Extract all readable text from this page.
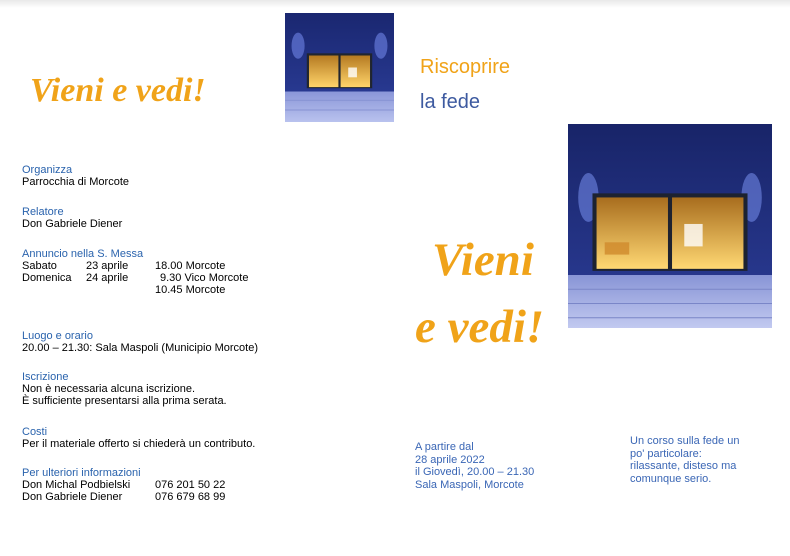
Vieni e vedi!
Organizza
Parrocchia di Morcote
Relatore
Don Gabriele Diener
Annuncio nella S. Messa
Sabato	23 aprile 18.00 Morcote
Domenica 24 aprile	9.30 Vico Morcote
10.45 Morcote
Luogo e orario
20.00 – 21.30: Sala Maspoli (Municipio Morcote)
Iscrizione
Non è necessaria alcuna iscrizione.
È sufficiente presentarsi alla prima serata.
Costi
Per il materiale offerto si chiederà un contributo.
Per ulteriori informazioni
Don Michal Podbielski 076 201 50 22
Don Gabriele Diener	076 679 68 99
Riscoprire
la fede
Vieni
e vedi!
A partire dal
28 aprile 2022
il Giovedì, 20.00 – 21.30
Sala Maspoli, Morcote
Un corso sulla fede un
po' particolare:
rilassante, disteso ma
comunque serio.
